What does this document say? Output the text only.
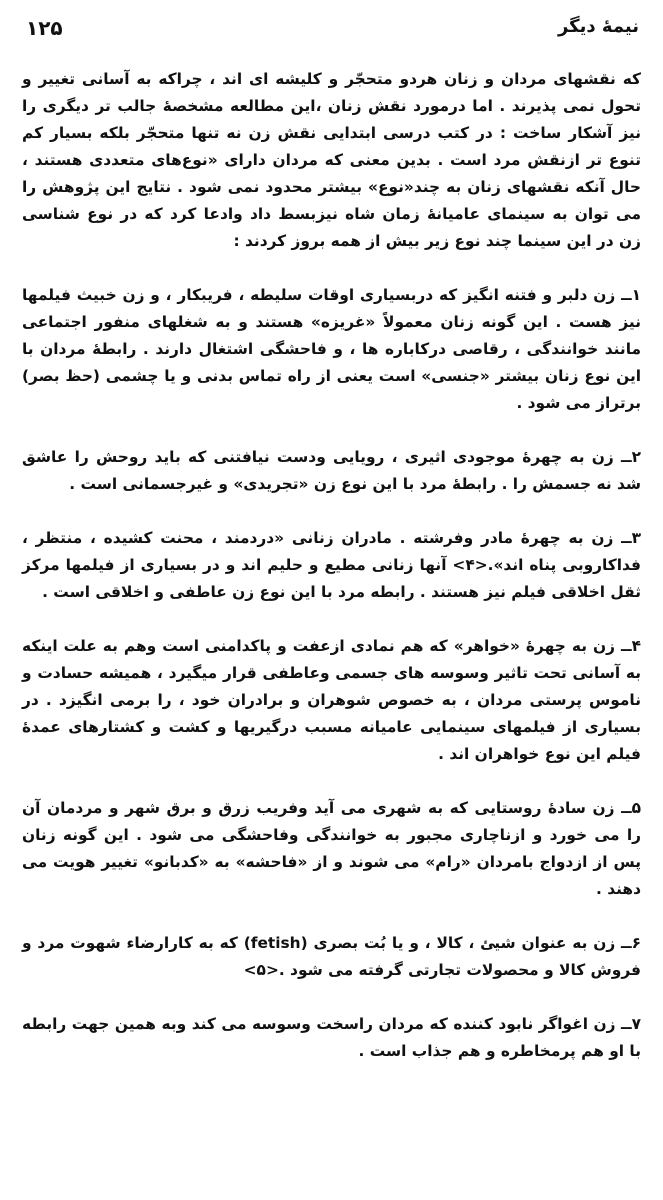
۱۲۵	نیمهٔ دیگر

که نقشهای مردان و زنان هردو متحجّر و کلیشه ای اند ، چراکه به آسانی تغییر و تحول نمی پذیرند . اما درمورد نقش زنان ،این مطالعه مشخصهٔ جالب تر دیگری را نیز آشکار ساخت : در کتب درسی ابتدایی نقش زن نه تنها متحجّر بلکه بسیار کم تنوع تر ازنقش مرد است . بدین معنی که مردان دارای «نوع‌های متعددی هستند ، حال آنکه نقشهای زنان به چند«نوع» بیشتر محدود نمی شود . نتایج این پژوهش را می توان به سینمای عامیانهٔ زمان شاه نیزبسط داد وادعا کرد که در نوع شناسی زن در این سینما چند نوع زیر بیش از همه بروز کردند :

۱ــ زن دلبر و فتنه انگیز که دربسیاری اوقات سلیطه ، فریبکار ، و زن خبیث فیلمها نیز هست . این گونه زنان معمولاً «غریزه» هستند و به شغلهای منفور اجتماعی مانند خوانندگی ، رقاصی درکاباره ها ، و فاحشگی اشتغال دارند . رابطهٔ مردان با این نوع زنان بیشتر «جنسی» است یعنی از راه تماس بدنی و یا چشمی (حظ بصر) برتراز می شود .

۲ــ زن به چهرهٔ موجودی اثیری ، رویایی ودست نیافتنی که باید روحش را عاشق شد نه جسمش را . رابطهٔ مرد با این نوع زن «تجریدی» و غیرجسمانی است .

۳ــ زن به چهرهٔ مادر وفرشته . مادران زنانی «دردمند ، محنت کشیده ، منتظر ، فداکاروبی پناه اند».<۴> آنها زنانی مطیع و حلیم اند و در بسیاری از فیلمها مرکز ثقل اخلاقی فیلم نیز هستند . رابطه مرد با این نوع زن عاطفی و اخلاقی است .

۴ــ زن به چهرهٔ «خواهر» که هم نمادی ازعفت و پاکدامنی است وهم به علت اینکه به آسانی تحت تاثیر وسوسه های جسمی وعاطفی قرار میگیرد ، همیشه حسادت و ناموس پرستی مردان ، به خصوص شوهران و برادران خود ، را برمی انگیزد . در بسیاری از فیلمهای سینمایی عامیانه مسبب درگیریها و کشت و کشتارهای عمدهٔ فیلم این نوع خواهران اند .

۵ــ زن سادهٔ روستایی که به شهری می آید وفریب زرق و برق شهر و مردمان آن را می خورد و ازناچاری مجبور به خوانندگی وفاحشگی می شود . این گونه زنان پس از ازدواج بامردان «رام» می شوند و از «فاحشه» به «کدبانو» تغییر هویت می دهند .

۶ــ زن به عنوان شیئ ، کالا ، و یا بُت بصری (fetish) که به کارارضاء شهوت مرد و فروش کالا و محصولات تجارتی گرفته می شود .<۵>

۷ــ زن اغواگر نابود کننده که مردان راسخت وسوسه می کند وبه همین جهت رابطه با او هم پرمخاطره و هم جذاب است .
